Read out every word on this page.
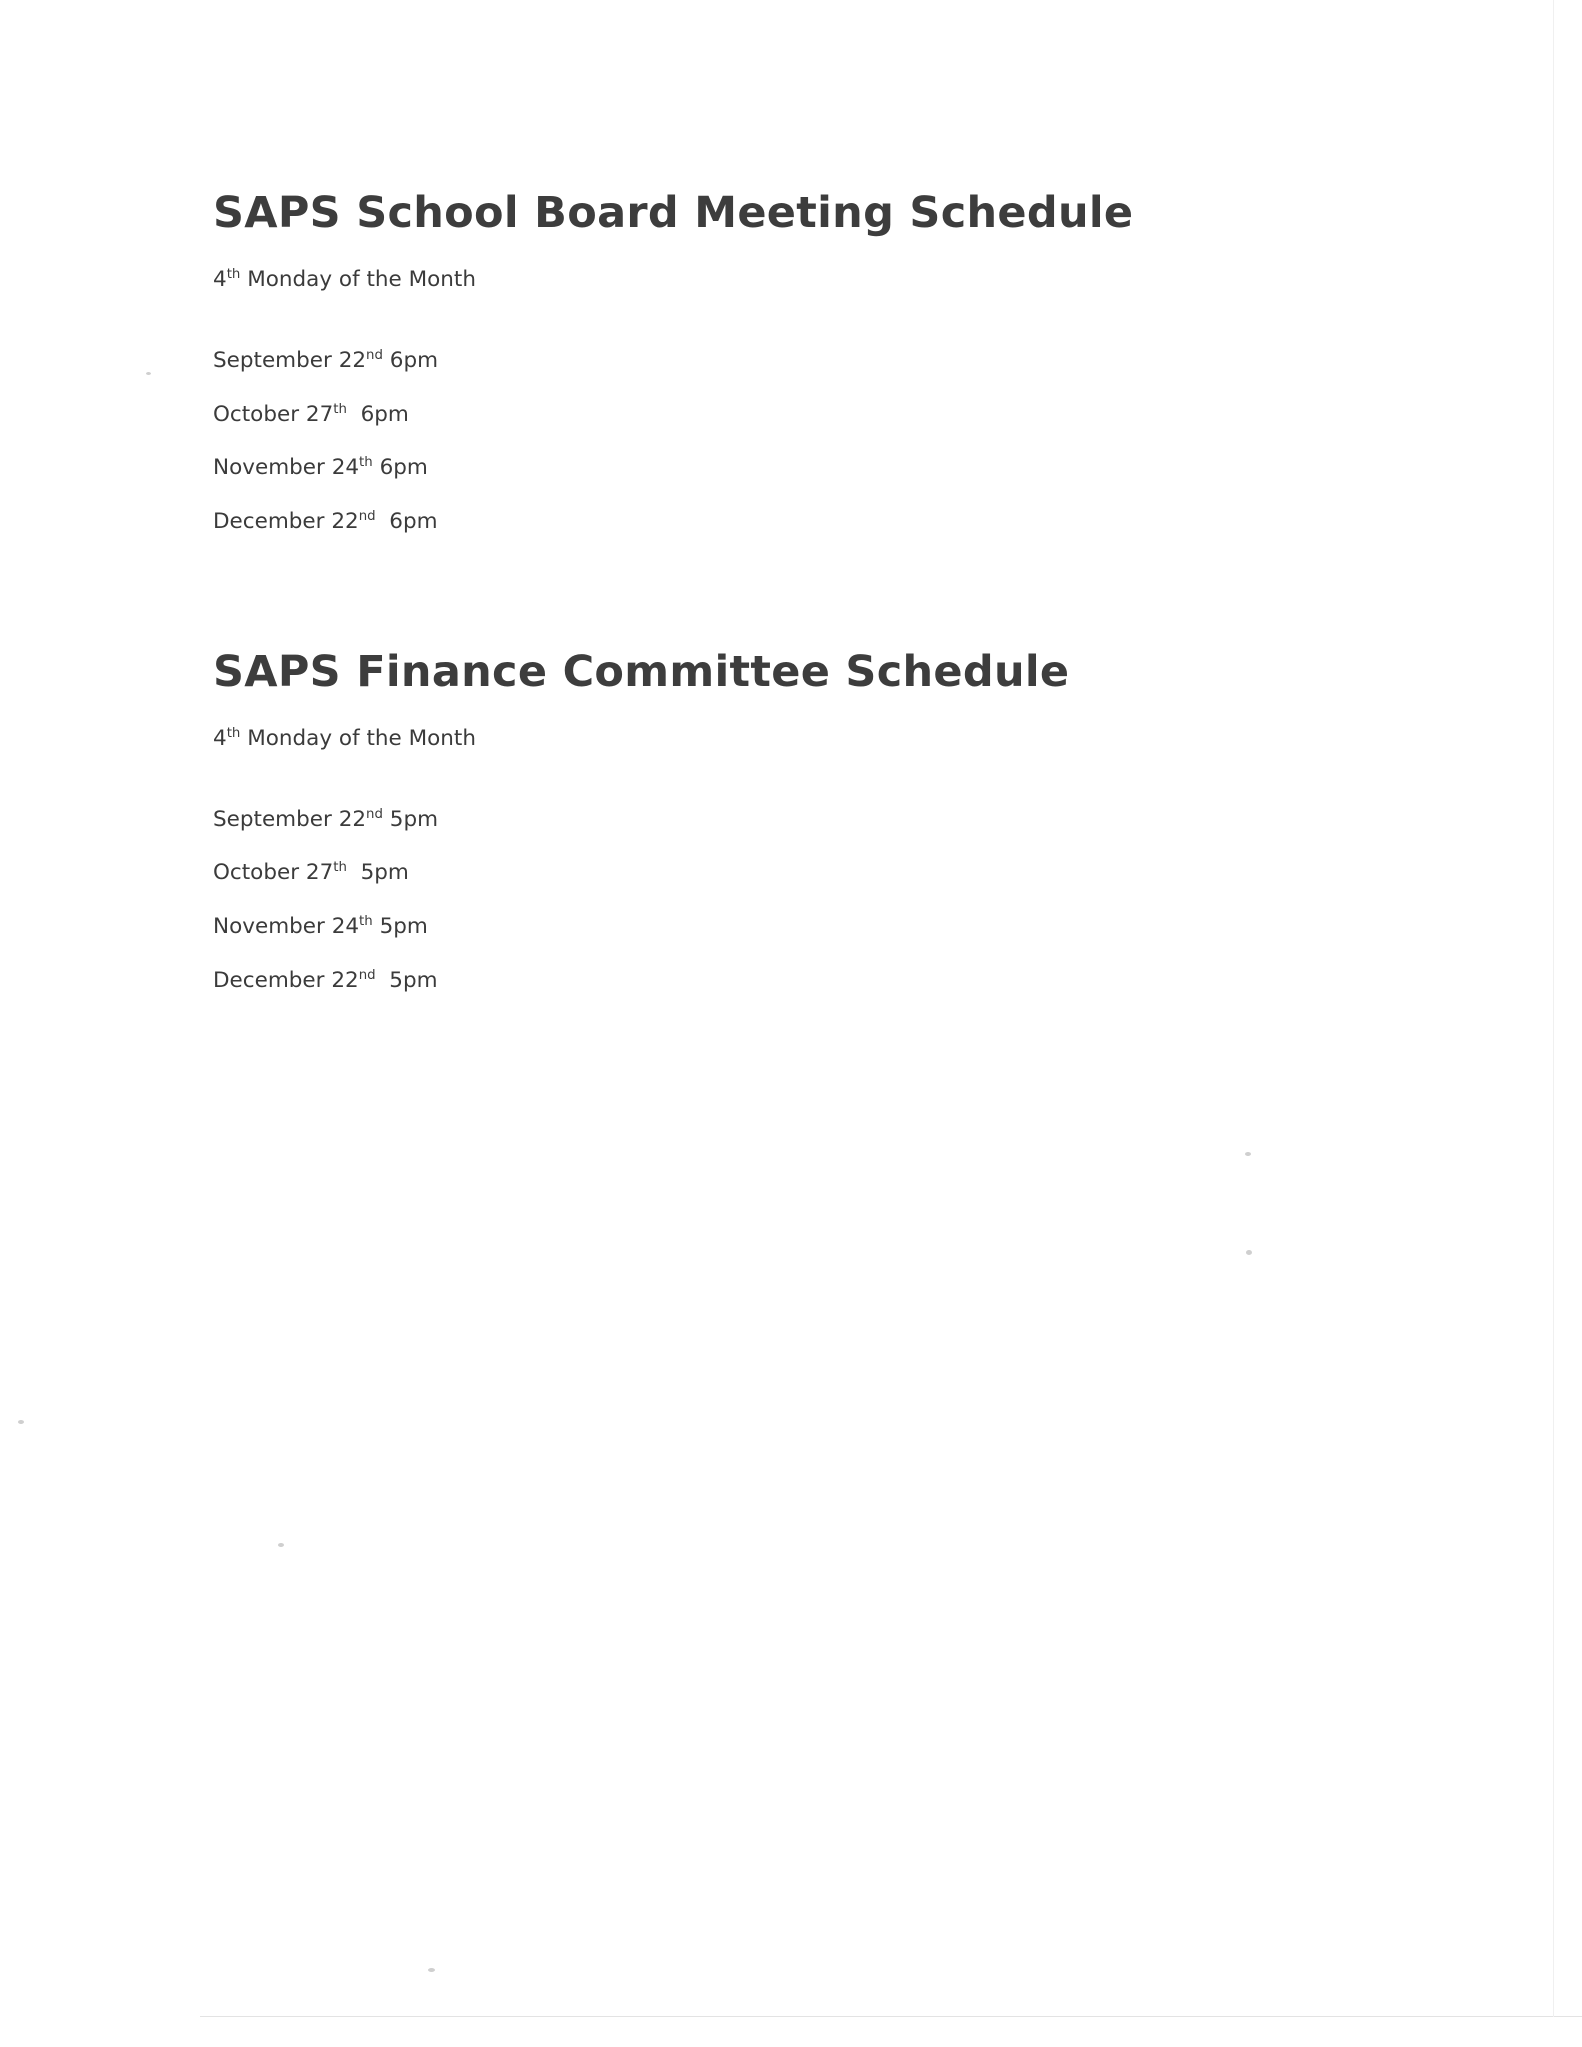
SAPS School Board Meeting Schedule
4th Monday of the Month
September 22nd 6pm
October 27th  6pm
November 24th 6pm
December 22nd  6pm
SAPS Finance Committee Schedule
4th Monday of the Month
September 22nd 5pm
October 27th  5pm
November 24th 5pm
December 22nd  5pm
